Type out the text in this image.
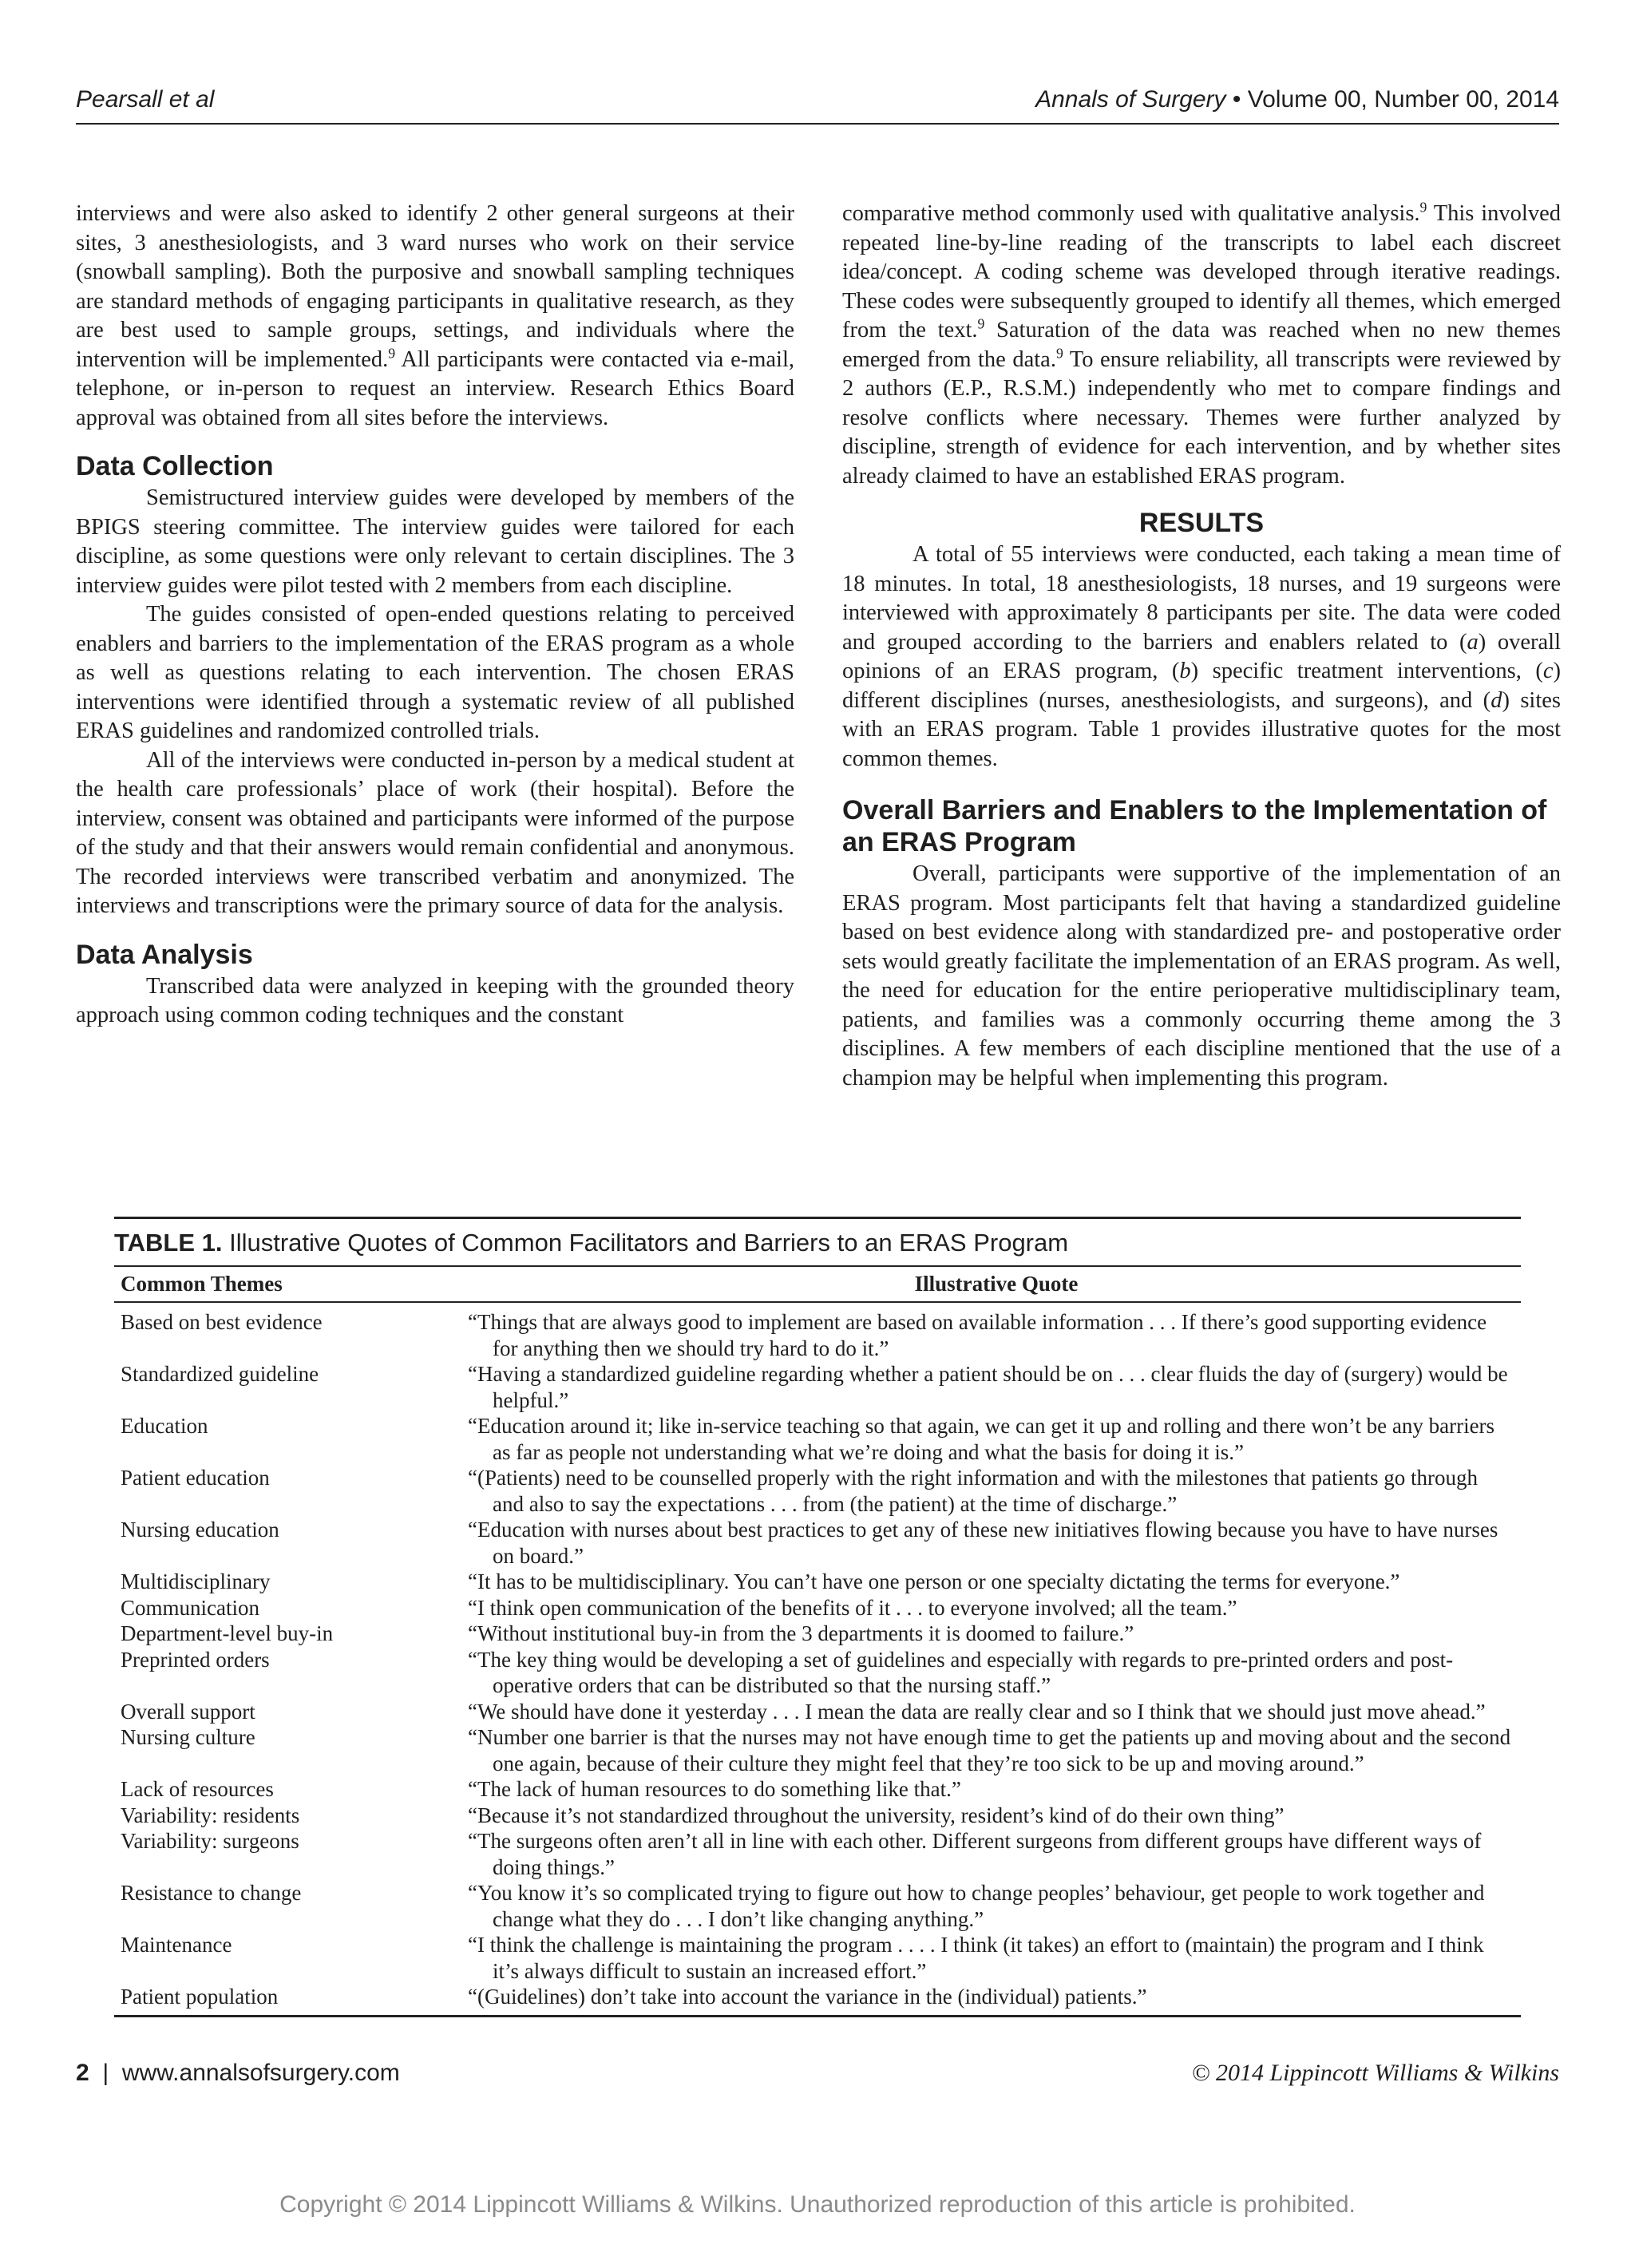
Pearsall et al	Annals of Surgery • Volume 00, Number 00, 2014

interviews and were also asked to identify 2 other general surgeons at their sites, 3 anesthesiologists, and 3 ward nurses who work on their service (snowball sampling). Both the purposive and snowball sampling techniques are standard methods of engaging participants in qualitative research, as they are best used to sample groups, settings, and individuals where the intervention will be implemented.$^9$ All participants were contacted via e-mail, telephone, or in-person to request an interview. Research Ethics Board approval was obtained from all sites before the interviews.

Data Collection

Semistructured interview guides were developed by members of the BPIGS steering committee. The interview guides were tailored for each discipline, as some questions were only relevant to certain disciplines. The 3 interview guides were pilot tested with 2 members from each discipline.

The guides consisted of open-ended questions relating to perceived enablers and barriers to the implementation of the ERAS program as a whole as well as questions relating to each intervention. The chosen ERAS interventions were identified through a systematic review of all published ERAS guidelines and randomized controlled trials.

All of the interviews were conducted in-person by a medical student at the health care professionals’ place of work (their hospital). Before the interview, consent was obtained and participants were informed of the purpose of the study and that their answers would remain confidential and anonymous. The recorded interviews were transcribed verbatim and anonymized. The interviews and transcriptions were the primary source of data for the analysis.

Data Analysis

Transcribed data were analyzed in keeping with the grounded theory approach using common coding techniques and the constant

comparative method commonly used with qualitative analysis.$^9$ This involved repeated line-by-line reading of the transcripts to label each discreet idea/concept. A coding scheme was developed through iterative readings. These codes were subsequently grouped to identify all themes, which emerged from the text.$^9$ Saturation of the data was reached when no new themes emerged from the data.$^9$ To ensure reliability, all transcripts were reviewed by 2 authors (E.P., R.S.M.) independently who met to compare findings and resolve conflicts where necessary. Themes were further analyzed by discipline, strength of evidence for each intervention, and by whether sites already claimed to have an established ERAS program.

RESULTS

A total of 55 interviews were conducted, each taking a mean time of 18 minutes. In total, 18 anesthesiologists, 18 nurses, and 19 surgeons were interviewed with approximately 8 participants per site. The data were coded and grouped according to the barriers and enablers related to (a) overall opinions of an ERAS program, (b) specific treatment interventions, (c) different disciplines (nurses, anesthesiologists, and surgeons), and (d) sites with an ERAS program. Table 1 provides illustrative quotes for the most common themes.

Overall Barriers and Enablers to the Implementation of an ERAS Program

Overall, participants were supportive of the implementation of an ERAS program. Most participants felt that having a standardized guideline based on best evidence along with standardized pre- and postoperative order sets would greatly facilitate the implementation of an ERAS program. As well, the need for education for the entire perioperative multidisciplinary team, patients, and families was a commonly occurring theme among the 3 disciplines. A few members of each discipline mentioned that the use of a champion may be helpful when implementing this program.

TABLE 1. Illustrative Quotes of Common Facilitators and Barriers to an ERAS Program
Common Themes	Illustrative Quote
Based on best evidence	“Things that are always good to implement are based on available information . . . If there’s good supporting evidence for anything then we should try hard to do it.”
Standardized guideline	“Having a standardized guideline regarding whether a patient should be on . . . clear fluids the day of (surgery) would be helpful.”
Education	“Education around it; like in-service teaching so that again, we can get it up and rolling and there won’t be any barriers as far as people not understanding what we’re doing and what the basis for doing it is.”
Patient education	“(Patients) need to be counselled properly with the right information and with the milestones that patients go through and also to say the expectations . . . from (the patient) at the time of discharge.”
Nursing education	“Education with nurses about best practices to get any of these new initiatives flowing because you have to have nurses on board.”
Multidisciplinary	“It has to be multidisciplinary. You can’t have one person or one specialty dictating the terms for everyone.”
Communication	“I think open communication of the benefits of it . . . to everyone involved; all the team.”
Department-level buy-in	“Without institutional buy-in from the 3 departments it is doomed to failure.”
Preprinted orders	“The key thing would be developing a set of guidelines and especially with regards to pre-printed orders and post-operative orders that can be distributed so that the nursing staff.”
Overall support	“We should have done it yesterday . . . I mean the data are really clear and so I think that we should just move ahead.”
Nursing culture	“Number one barrier is that the nurses may not have enough time to get the patients up and moving about and the second one again, because of their culture they might feel that they’re too sick to be up and moving around.”
Lack of resources	“The lack of human resources to do something like that.”
Variability: residents	“Because it’s not standardized throughout the university, resident’s kind of do their own thing”
Variability: surgeons	“The surgeons often aren’t all in line with each other. Different surgeons from different groups have different ways of doing things.”
Resistance to change	“You know it’s so complicated trying to figure out how to change peoples’ behaviour, get people to work together and change what they do . . . I don’t like changing anything.”
Maintenance	“I think the challenge is maintaining the program . . . . I think (it takes) an effort to (maintain) the program and I think it’s always difficult to sustain an increased effort.”
Patient population	“(Guidelines) don’t take into account the variance in the (individual) patients.”
2 | www.annalsofsurgery.com	© 2014 Lippincott Williams & Wilkins
Copyright © 2014 Lippincott Williams & Wilkins. Unauthorized reproduction of this article is prohibited.
